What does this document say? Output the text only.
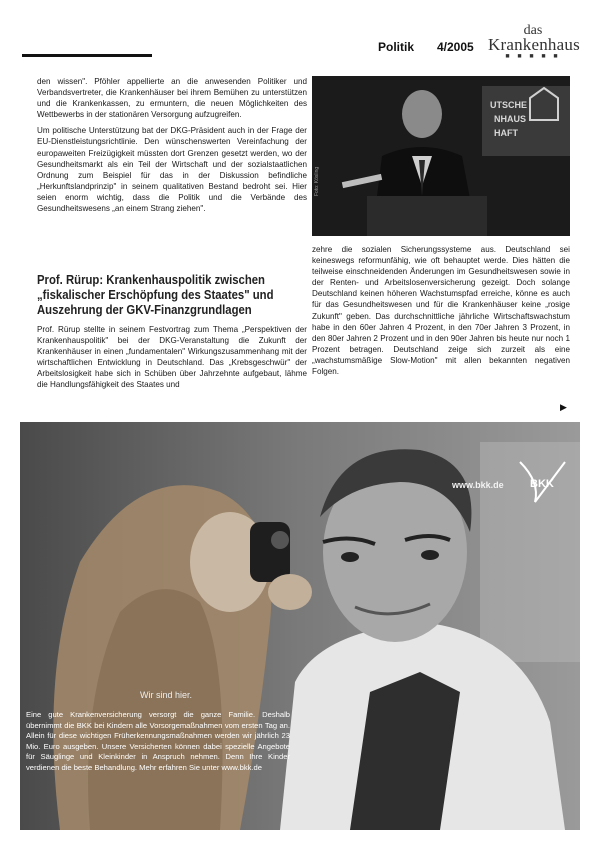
Politik 4/2005
das
Krankenhaus
■ ■ ■ ■ ■

den wissen". Pföhler appellierte an die anwesenden Politiker und Verbandsvertreter, die Krankenhäuser bei ihrem Bemühen zu unterstützen und die Krankenkassen, zu ermuntern, die neuen Möglichkeiten des Wettbewerbs in der stationären Versorgung aufzugreifen.

Um politische Unterstützung bat der DKG-Präsident auch in der Frage der EU-Dienstleistungsrichtlinie. Den wünschenswerten Vereinfachung der europaweiten Freizügigkeit müssten dort Grenzen gesetzt werden, wo der Gesundheitsmarkt als ein Teil der Wirtschaft und der sozialstaatlichen Ordnung zum Beispiel für das in der Diskussion befindliche „Herkunftslandprinzip" in seinem qualitativen Bestand bedroht sei. Hier seien enorm wichtig, dass die Politik und die Verbände des Gesundheitswesens „an einem Strang ziehen".

Prof. Rürup: Krankenhauspolitik zwischen „fiskalischer Erschöpfung des Staates" und Auszehrung der GKV-Finanzgrundlagen

Prof. Rürup stellte in seinem Festvortrag zum Thema „Perspektiven der Krankenhauspolitik" bei der DKG-Veranstaltung die Zukunft der Krankenhäuser in einen „fundamentalen" Wirkungszusammenhang mit der wirtschaftlichen Entwicklung in Deutschland. Das „Krebsgeschwür" der Arbeitslosigkeit habe sich in Schüben über Jahrzehnte aufgebaut, lähme die Handlungsfähigkeit des Staates und

UTSCHE
NHAUS
HAFT
Foto: Kösling

zehre die sozialen Sicherungssysteme aus. Deutschland sei keineswegs reformunfähig, wie oft behauptet werde. Dies hätten die teilweise einschneidenden Änderungen im Gesundheitswesen sowie in der Renten- und Arbeitslosenversicherung gezeigt. Doch solange Deutschland keinen höheren Wachstumspfad erreiche, könne es auch für das Gesundheitswesen und für die Krankenhäuser keine „rosige Zukunft" geben. Das durchschnittliche jährliche Wirtschaftswachstum habe in den 60er Jahren 4 Prozent, in den 70er Jahren 3 Prozent, in den 80er Jahren 2 Prozent und in den 90er Jahren bis heute nur noch 1 Prozent betragen. Deutschland zeige sich zurzeit als eine „wachstumsmäßige Slow-Motion" mit allen bekannten negativen Folgen.

▶
www.bkk.de BKK
Wir sind hier.
Eine gute Krankenversicherung versorgt die ganze Familie. Deshalb übernimmt die BKK bei Kindern alle Vorsorgemaßnahmen vom ersten Tag an. Allein für diese wichtigen Früherkennungsmaßnahmen werden wir jährlich 23 Mio. Euro ausgeben. Unsere Versicherten können dabei spezielle Angebote für Säuglinge und Kleinkinder in Anspruch nehmen. Denn Ihre Kinder verdienen die beste Behandlung. Mehr erfahren Sie unter www.bkk.de
